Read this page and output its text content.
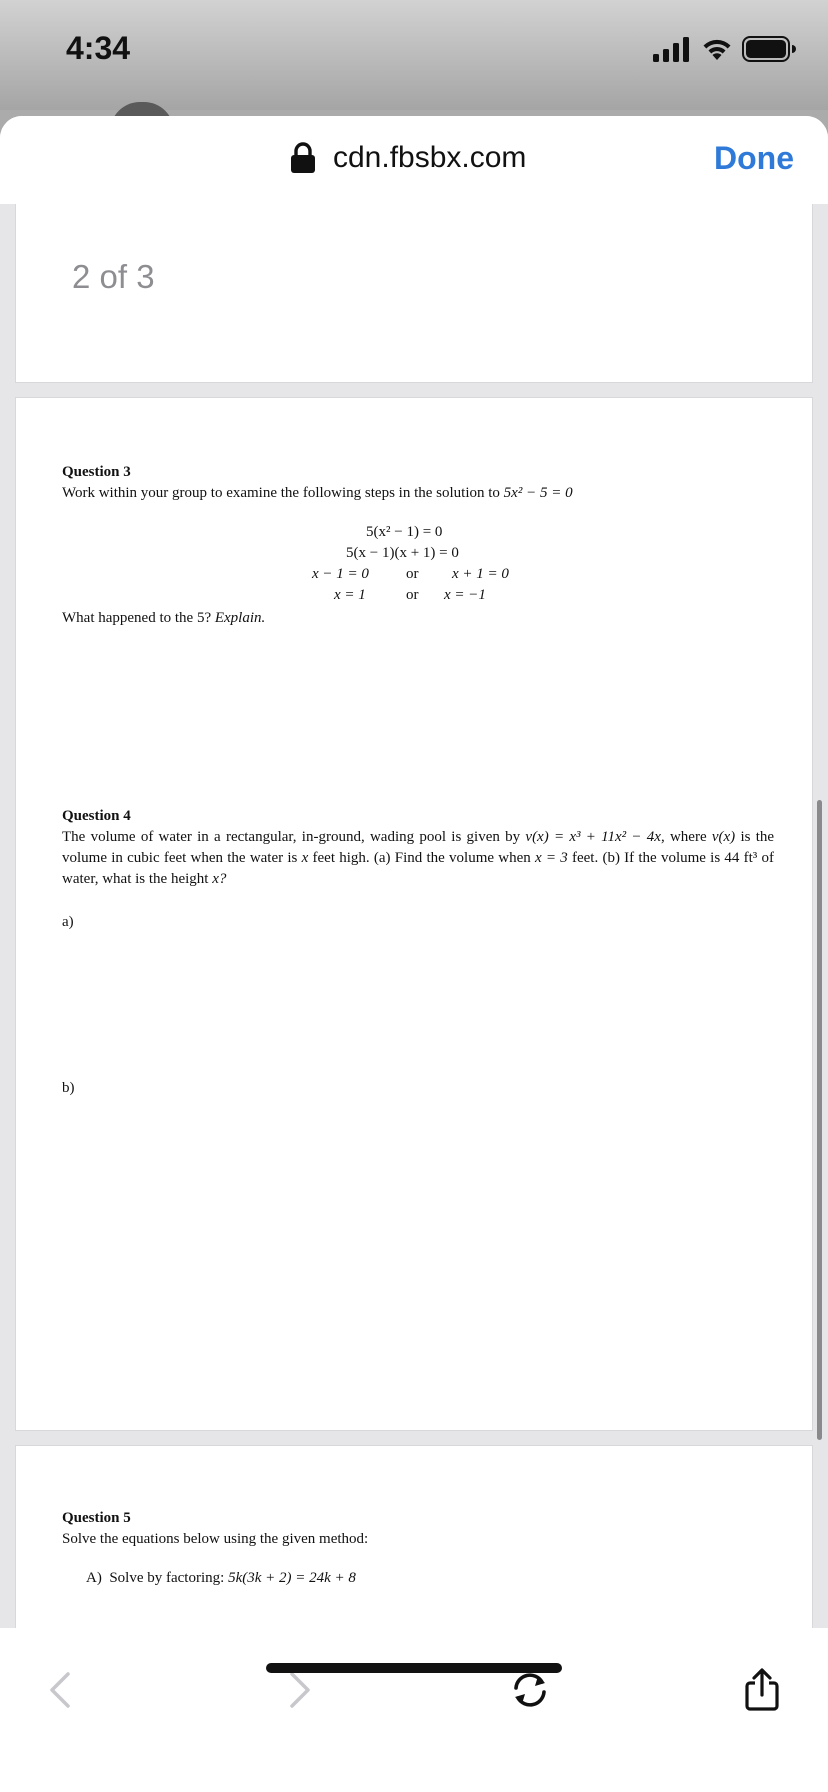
4:34
cdn.fbsbx.com	Done
2 of 3
Question 3
Work within your group to examine the following steps in the solution to 5x² − 5 = 0
5(x² − 1) = 0
5(x − 1)(x + 1) = 0
x − 1 = 0 or x + 1 = 0
x = 1	or x = −1
What happened to the 5? Explain.
Question 4
The volume of water in a rectangular, in-ground, wading pool is given by v(x) = x³ + 11x² − 4x, where v(x) is the volume in cubic feet when the water is x feet high. (a) Find the volume when x = 3 feet. (b) If the volume is 44 ft³ of water, what is the height x?
a)
b)
Question 5
Solve the equations below using the given method:
A) Solve by factoring: 5k(3k + 2) = 24k + 8
